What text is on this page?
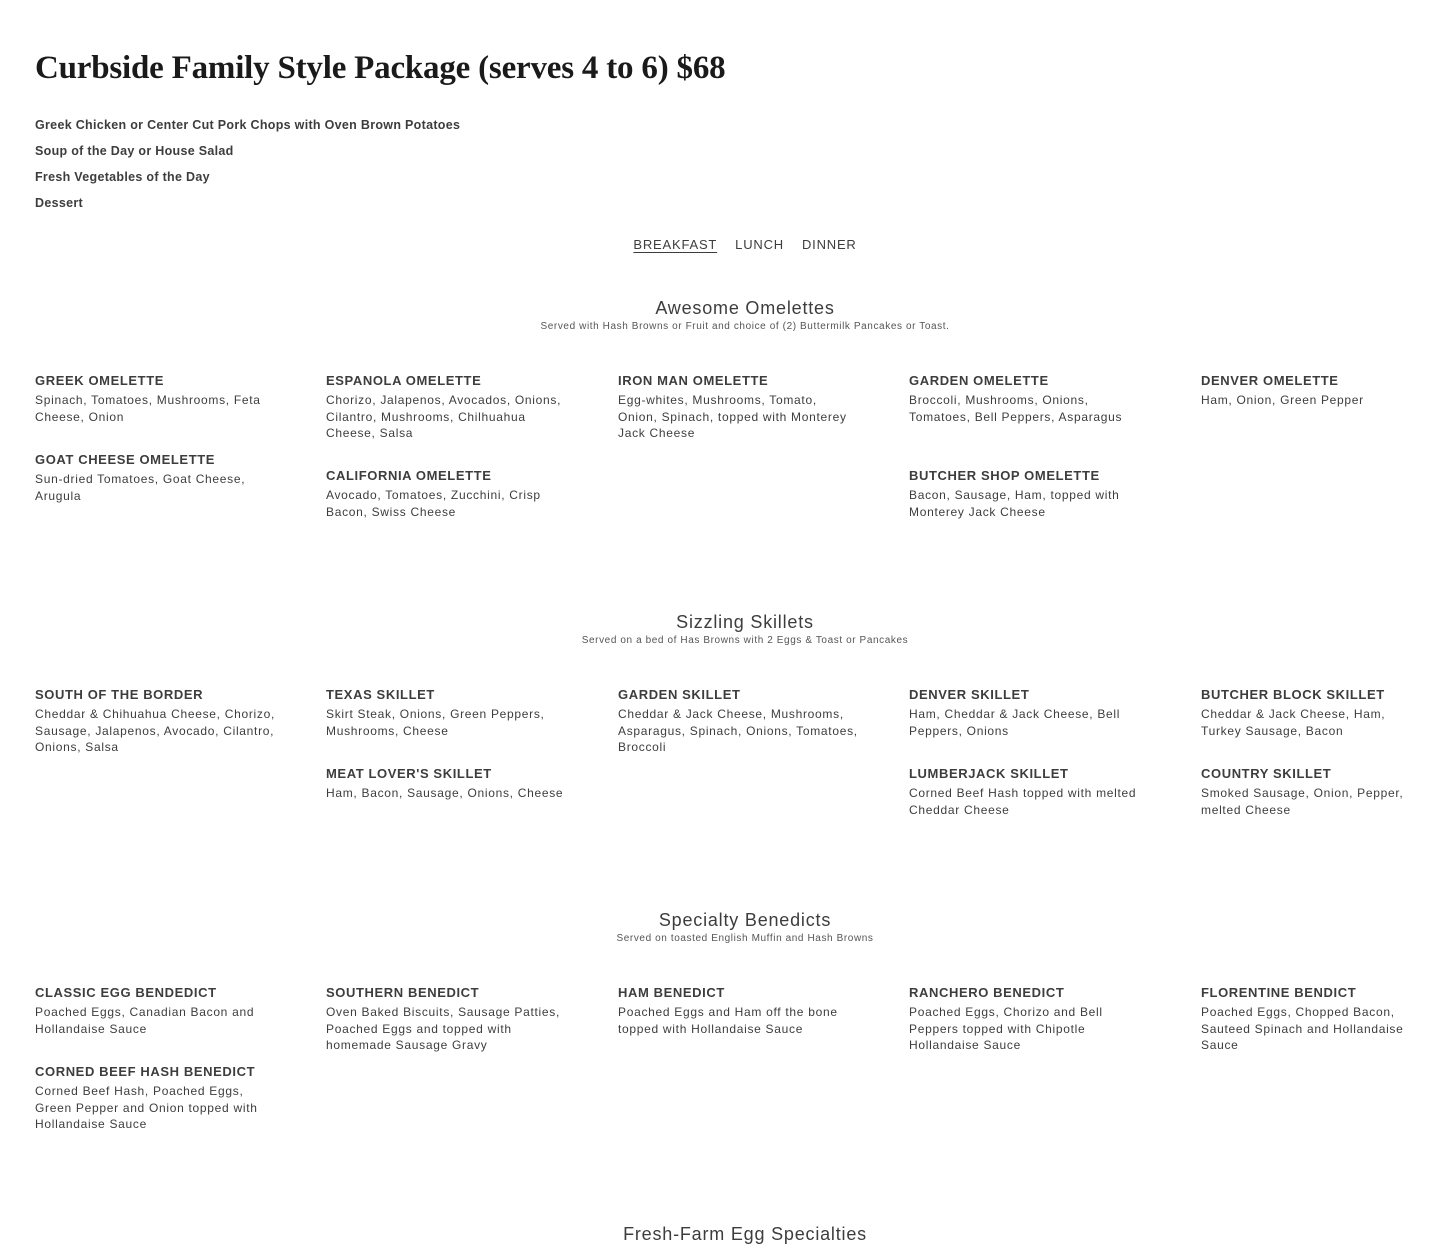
Curbside Family Style Package (serves 4 to 6) $68
Greek Chicken or Center Cut Pork Chops with Oven Brown Potatoes
Soup of the Day or House Salad
Fresh Vegetables of the Day
Dessert
BREAKFAST LUNCH DINNER
Awesome Omelettes
Served with Hash Browns or Fruit and choice of (2) Buttermilk Pancakes or Toast.
GREEK OMELETTE
Spinach, Tomatoes, Mushrooms, Feta Cheese, Onion
ESPANOLA OMELETTE
Chorizo, Jalapenos, Avocados, Onions, Cilantro, Mushrooms, Chilhuahua Cheese, Salsa
IRON MAN OMELETTE
Egg-whites, Mushrooms, Tomato, Onion, Spinach, topped with Monterey Jack Cheese
GARDEN OMELETTE
Broccoli, Mushrooms, Onions, Tomatoes, Bell Peppers, Asparagus
DENVER OMELETTE
Ham, Onion, Green Pepper
GOAT CHEESE OMELETTE
Sun-dried Tomatoes, Goat Cheese, Arugula
CALIFORNIA OMELETTE
Avocado, Tomatoes, Zucchini, Crisp Bacon, Swiss Cheese
BUTCHER SHOP OMELETTE
Bacon, Sausage, Ham, topped with Monterey Jack Cheese
Sizzling Skillets
Served on a bed of Has Browns with 2 Eggs & Toast or Pancakes
SOUTH OF THE BORDER
Cheddar & Chihuahua Cheese, Chorizo, Sausage, Jalapenos, Avocado, Cilantro, Onions, Salsa
TEXAS SKILLET
Skirt Steak, Onions, Green Peppers, Mushrooms, Cheese
GARDEN SKILLET
Cheddar & Jack Cheese, Mushrooms, Asparagus, Spinach, Onions, Tomatoes, Broccoli
DENVER SKILLET
Ham, Cheddar & Jack Cheese, Bell Peppers, Onions
BUTCHER BLOCK SKILLET
Cheddar & Jack Cheese, Ham, Turkey Sausage, Bacon
MEAT LOVER'S SKILLET
Ham, Bacon, Sausage, Onions, Cheese
LUMBERJACK SKILLET
Corned Beef Hash topped with melted Cheddar Cheese
COUNTRY SKILLET
Smoked Sausage, Onion, Pepper, melted Cheese
Specialty Benedicts
Served on toasted English Muffin and Hash Browns
CLASSIC EGG BENDEDICT
Poached Eggs, Canadian Bacon and Hollandaise Sauce
SOUTHERN BENEDICT
Oven Baked Biscuits, Sausage Patties, Poached Eggs and topped with homemade Sausage Gravy
HAM BENEDICT
Poached Eggs and Ham off the bone topped with Hollandaise Sauce
RANCHERO BENEDICT
Poached Eggs, Chorizo and Bell Peppers topped with Chipotle Hollandaise Sauce
FLORENTINE BENDICT
Poached Eggs, Chopped Bacon, Sauteed Spinach and Hollandaise Sauce
CORNED BEEF HASH BENEDICT
Corned Beef Hash, Poached Eggs, Green Pepper and Onion topped with Hollandaise Sauce
Fresh-Farm Egg Specialties
